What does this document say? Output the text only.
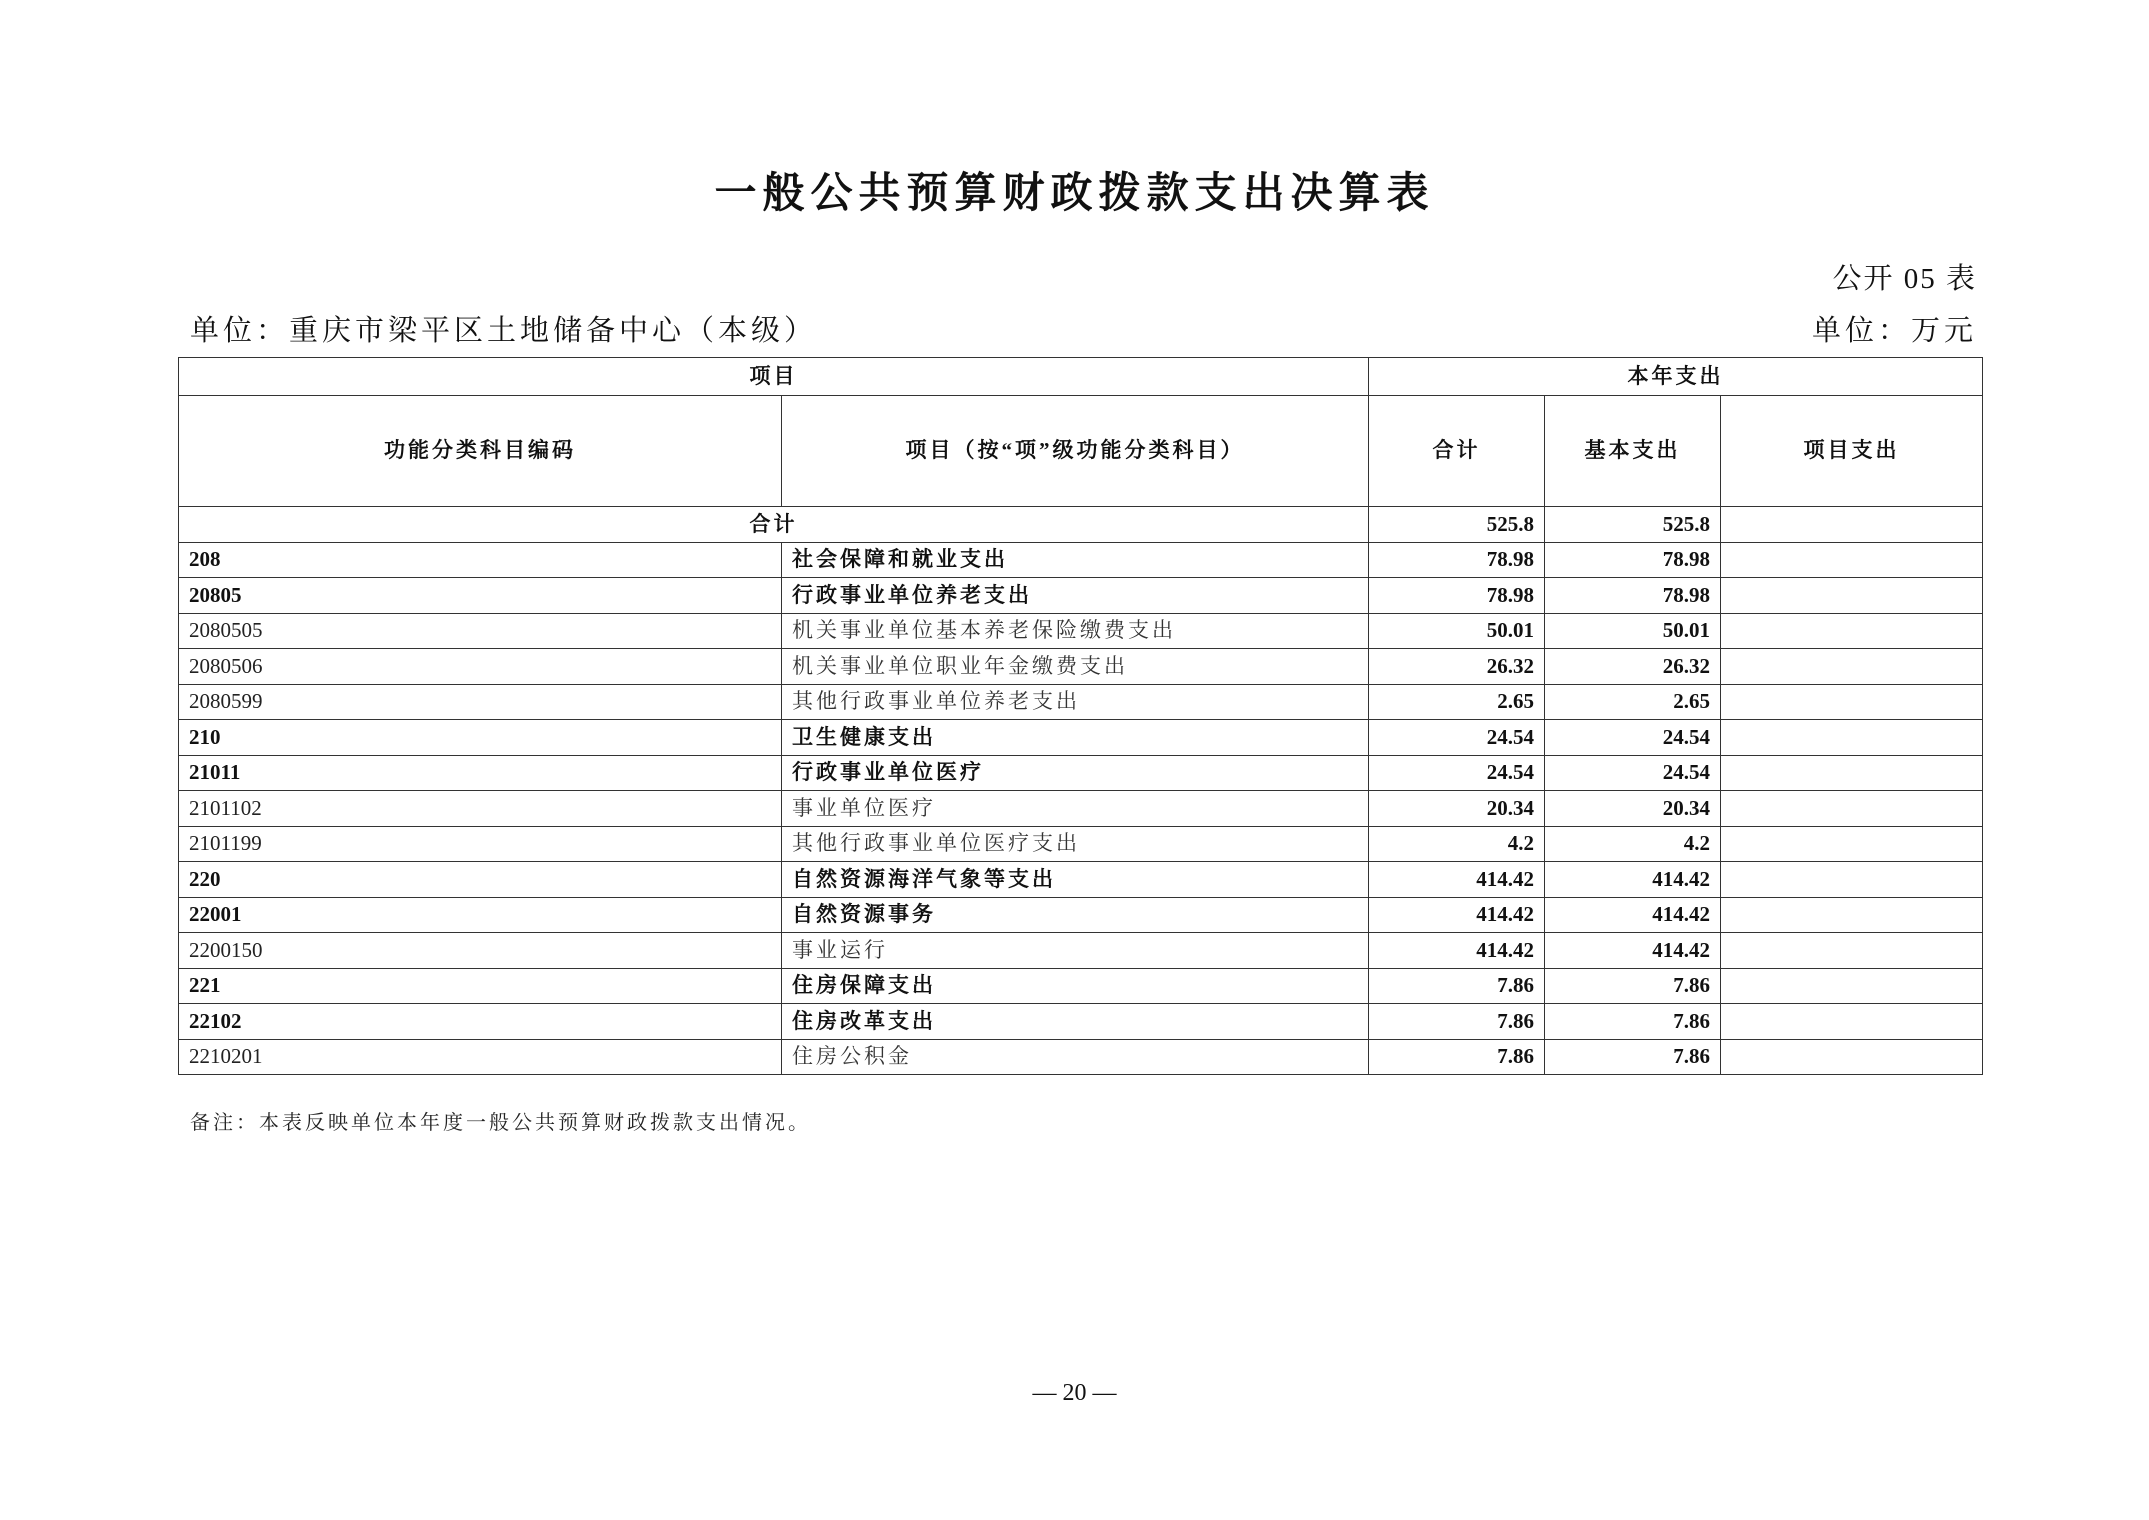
一般公共预算财政拨款支出决算表
公开 05 表
单位：重庆市梁平区土地储备中心（本级）	单位：万元
项目		本年支出		
功能分类科目编码	项目（按“项”级功能分类科目）	合计	基本支出	项目支出
合计		525.8	525.8	
208	社会保障和就业支出	78.98	78.98	
20805	行政事业单位养老支出	78.98	78.98	
2080505	机关事业单位基本养老保险缴费支出	50.01	50.01	
2080506	机关事业单位职业年金缴费支出	26.32	26.32	
2080599	其他行政事业单位养老支出	2.65	2.65	
210	卫生健康支出	24.54	24.54	
21011	行政事业单位医疗	24.54	24.54	
2101102	事业单位医疗	20.34	20.34	
2101199	其他行政事业单位医疗支出	4.2	4.2	
220	自然资源海洋气象等支出	414.42	414.42	
22001	自然资源事务	414.42	414.42	
2200150	事业运行	414.42	414.42	
221	住房保障支出	7.86	7.86	
22102	住房改革支出	7.86	7.86	
2210201	住房公积金	7.86	7.86	
备注：本表反映单位本年度一般公共预算财政拨款支出情况。
— 20 —
